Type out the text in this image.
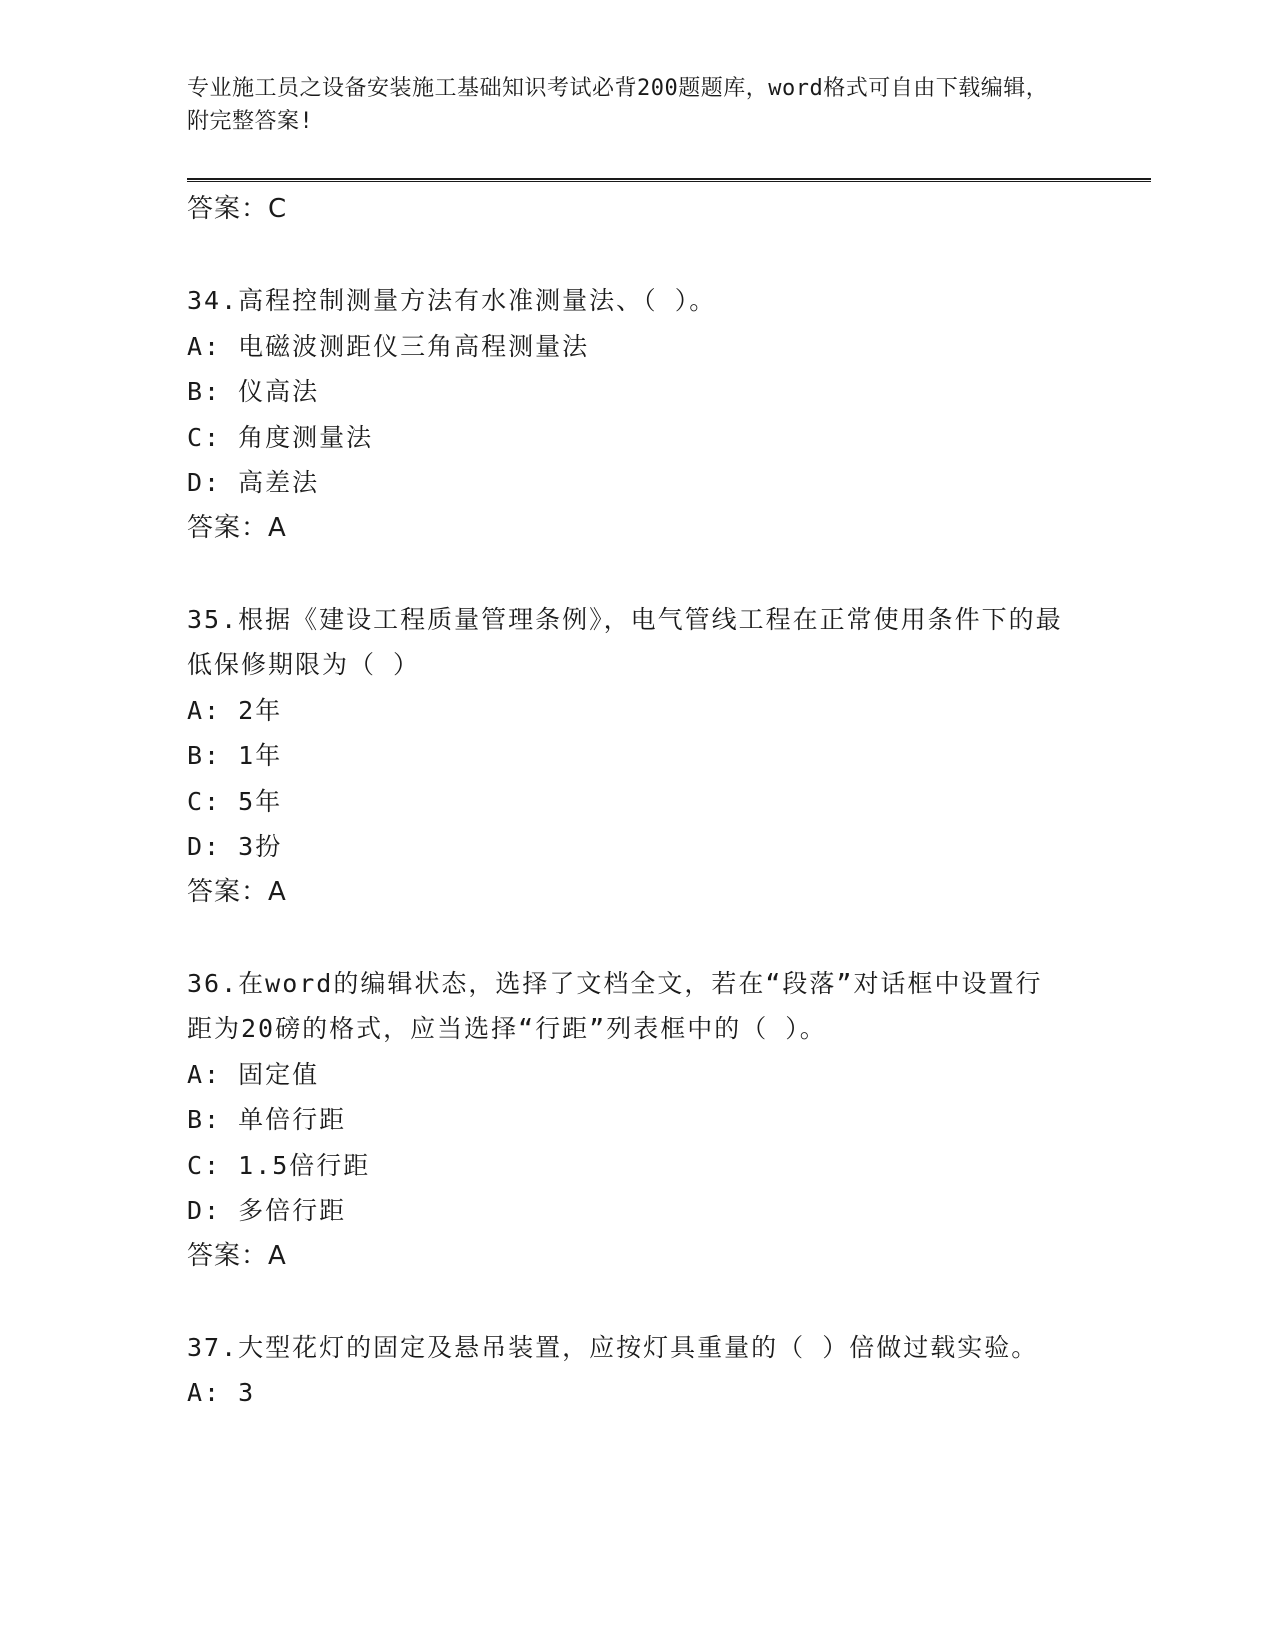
专业施工员之设备安装施工基础知识考试必背200题题库，word格式可自由下载编辑，附完整答案!
答案：C
34.高程控制测量方法有水准测量法、（ ）。
A: 电磁波测距仪三角高程测量法
B: 仪高法
C: 角度测量法
D: 高差法
答案：A
35.根据《建设工程质量管理条例》，电气管线工程在正常使用条件下的最低保修期限为（ ）
A: 2年
B: 1年
C: 5年
D: 3扮
答案：A
36.在word的编辑状态，选择了文档全文，若在“段落”对话框中设置行距为20磅的格式，应当选择“行距”列表框中的（ ）。
A: 固定值
B: 单倍行距
C: 1.5倍行距
D: 多倍行距
答案：A
37.大型花灯的固定及悬吊装置，应按灯具重量的（ ）倍做过载实验。
A: 3
